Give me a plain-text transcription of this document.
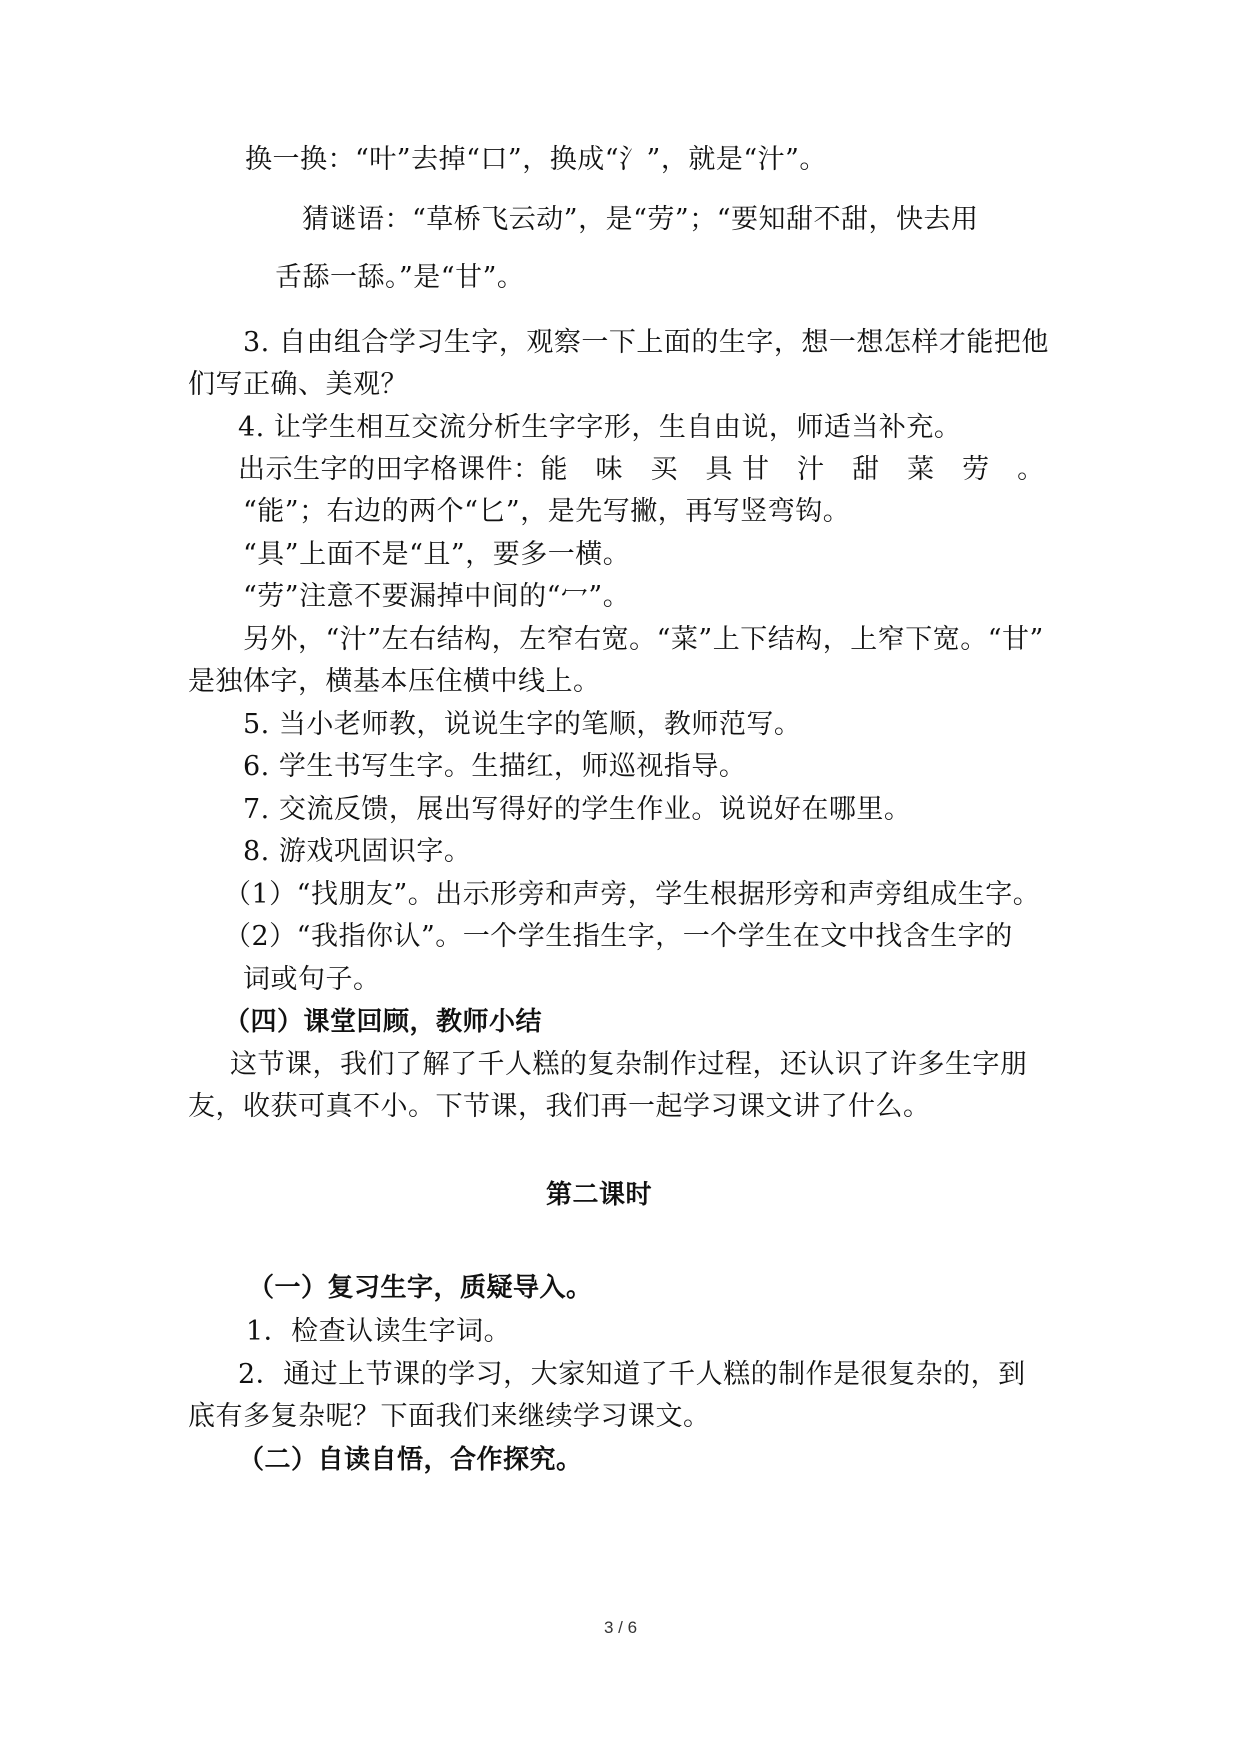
换一换：“叶”去掉“口”，换成“氵”，就是“汁”。
猜谜语：“草桥飞云动”，是“劳”；“要知甜不甜，快去用
舌舔一舔。”是“甘”。
3. 自由组合学习生字，观察一下上面的生字，想一想怎样才能把他
们写正确、美观？
4. 让学生相互交流分析生字字形，生自由说，师适当补充。
出示生字的田字格课件：能　味　买　具 甘　汁　甜　菜　劳　。
“能”；右边的两个“匕”，是先写撇，再写竖弯钩。
“具”上面不是“且”，要多一横。
“劳”注意不要漏掉中间的“冖”。
另外，“汁”左右结构，左窄右宽。“菜”上下结构，上窄下宽。“甘”
是独体字，横基本压住横中线上。
5. 当小老师教，说说生字的笔顺，教师范写。
6. 学生书写生字。生描红，师巡视指导。
7. 交流反馈，展出写得好的学生作业。说说好在哪里。
8. 游戏巩固识字。
（1）“找朋友”。出示形旁和声旁，学生根据形旁和声旁组成生字。
（2）“我指你认”。一个学生指生字，一个学生在文中找含生字的
词或句子。
（四）课堂回顾，教师小结
这节课，我们了解了千人糕的复杂制作过程，还认识了许多生字朋
友，收获可真不小。下节课，我们再一起学习课文讲了什么。
第二课时
（一）复习生字，质疑导入。
1．检查认读生字词。
2．通过上节课的学习，大家知道了千人糕的制作是很复杂的，到
底有多复杂呢？下面我们来继续学习课文。
（二）自读自悟，合作探究。
3 / 6
